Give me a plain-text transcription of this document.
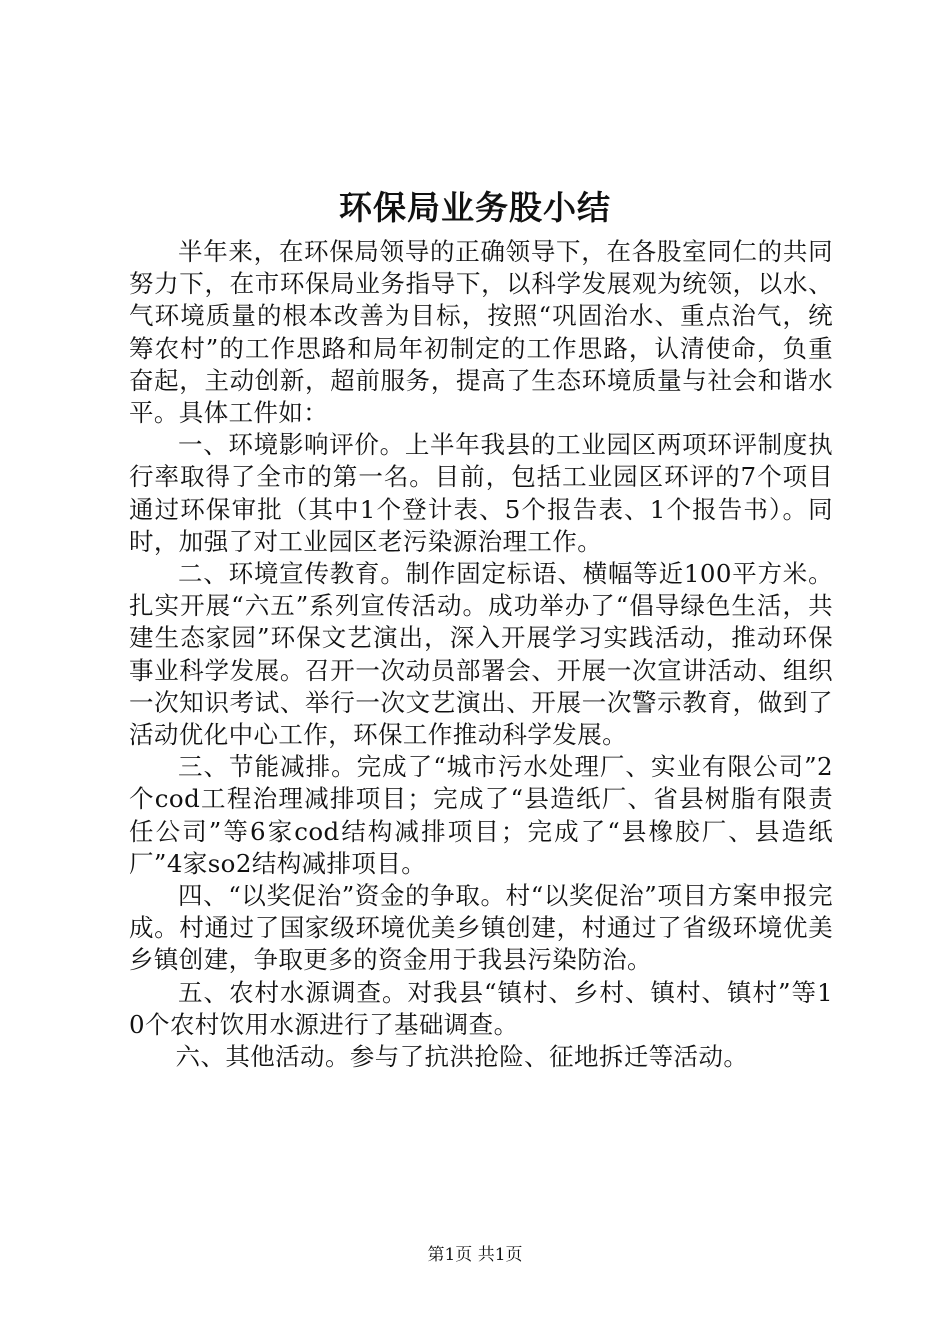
环保局业务股小结

半年来，在环保局领导的正确领导下，在各股室同仁的共同努力下，在市环保局业务指导下，以科学发展观为统领，以水、气环境质量的根本改善为目标，按照“巩固治水、重点治气，统筹农村”的工作思路和局年初制定的工作思路，认清使命，负重奋起，主动创新，超前服务，提高了生态环境质量与社会和谐水平。具体工件如：

一、环境影响评价。上半年我县的工业园区两项环评制度执行率取得了全市的第一名。目前，包括工业园区环评的7个项目通过环保审批（其中1个登计表、5个报告表、1个报告书）。同时，加强了对工业园区老污染源治理工作。

二、环境宣传教育。制作固定标语、横幅等近100平方米。扎实开展“六五”系列宣传活动。成功举办了“倡导绿色生活，共建生态家园”环保文艺演出，深入开展学习实践活动，推动环保事业科学发展。召开一次动员部署会、开展一次宣讲活动、组织一次知识考试、举行一次文艺演出、开展一次警示教育，做到了活动优化中心工作，环保工作推动科学发展。

三、节能减排。完成了“城市污水处理厂、实业有限公司”2个cod工程治理减排项目；完成了“县造纸厂、省县树脂有限责任公司”等6家cod结构减排项目；完成了“县橡胶厂、县造纸厂”4家so2结构减排项目。

四、“以奖促治”资金的争取。村“以奖促治”项目方案申报完成。村通过了国家级环境优美乡镇创建，村通过了省级环境优美乡镇创建，争取更多的资金用于我县污染防治。

五、农村水源调查。对我县“镇村、乡村、镇村、镇村”等10个农村饮用水源进行了基础调查。

六、其他活动。参与了抗洪抢险、征地拆迁等活动。

第1页 共1页
